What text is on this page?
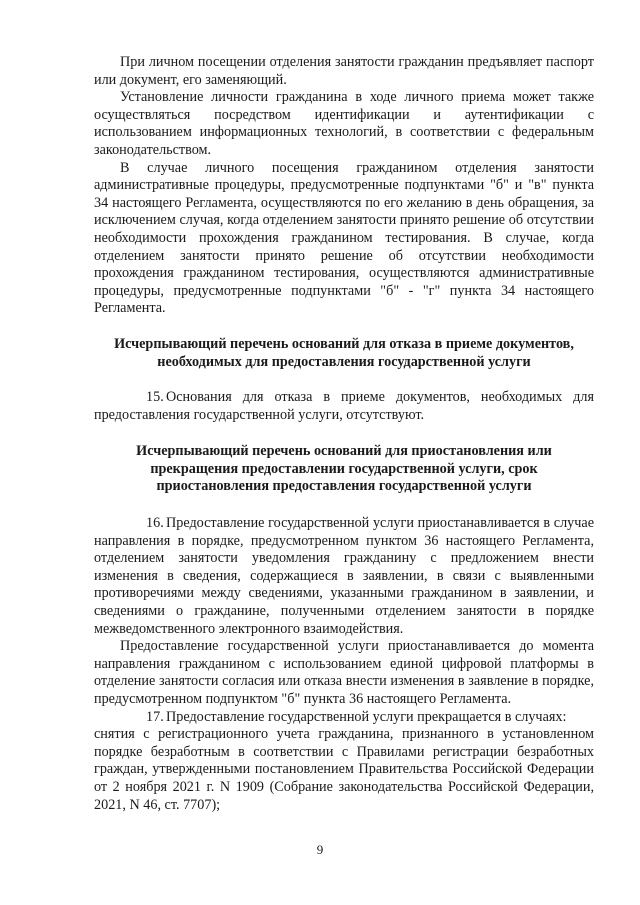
При личном посещении отделения занятости гражданин предъявляет паспорт или документ, его заменяющий.

Установление личности гражданина в ходе личного приема может также осуществляться посредством идентификации и аутентификации с использованием информационных технологий, в соответствии с федеральным законодательством.

В случае личного посещения гражданином отделения занятости административные процедуры, предусмотренные подпунктами "б" и "в" пункта 34 настоящего Регламента, осуществляются по его желанию в день обращения, за исключением случая, когда отделением занятости принято решение об отсутствии необходимости прохождения гражданином тестирования. В случае, когда отделением занятости принято решение об отсутствии необходимости прохождения гражданином тестирования, осуществляются административные процедуры, предусмотренные подпунктами "б" - "г" пункта 34 настоящего Регламента.

Исчерпывающий перечень оснований для отказа в приеме документов, необходимых для предоставления государственной услуги

15. Основания для отказа в приеме документов, необходимых для предоставления государственной услуги, отсутствуют.

Исчерпывающий перечень оснований для приостановления или прекращения предоставлении государственной услуги, срок приостановления предоставления государственной услуги

16. Предоставление государственной услуги приостанавливается в случае направления в порядке, предусмотренном пунктом 36 настоящего Регламента, отделением занятости уведомления гражданину с предложением внести изменения в сведения, содержащиеся в заявлении, в связи с выявленными противоречиями между сведениями, указанными гражданином в заявлении, и сведениями о гражданине, полученными отделением занятости в порядке межведомственного электронного взаимодействия.

Предоставление государственной услуги приостанавливается до момента направления гражданином с использованием единой цифровой платформы в отделение занятости согласия или отказа внести изменения в заявление в порядке, предусмотренном подпунктом "б" пункта 36 настоящего Регламента.

17. Предоставление государственной услуги прекращается в случаях:

снятия с регистрационного учета гражданина, признанного в установленном порядке безработным в соответствии с Правилами регистрации безработных граждан, утвержденными постановлением Правительства Российской Федерации от 2 ноября 2021 г. N 1909 (Собрание законодательства Российской Федерации, 2021, N 46, ст. 7707);

9
